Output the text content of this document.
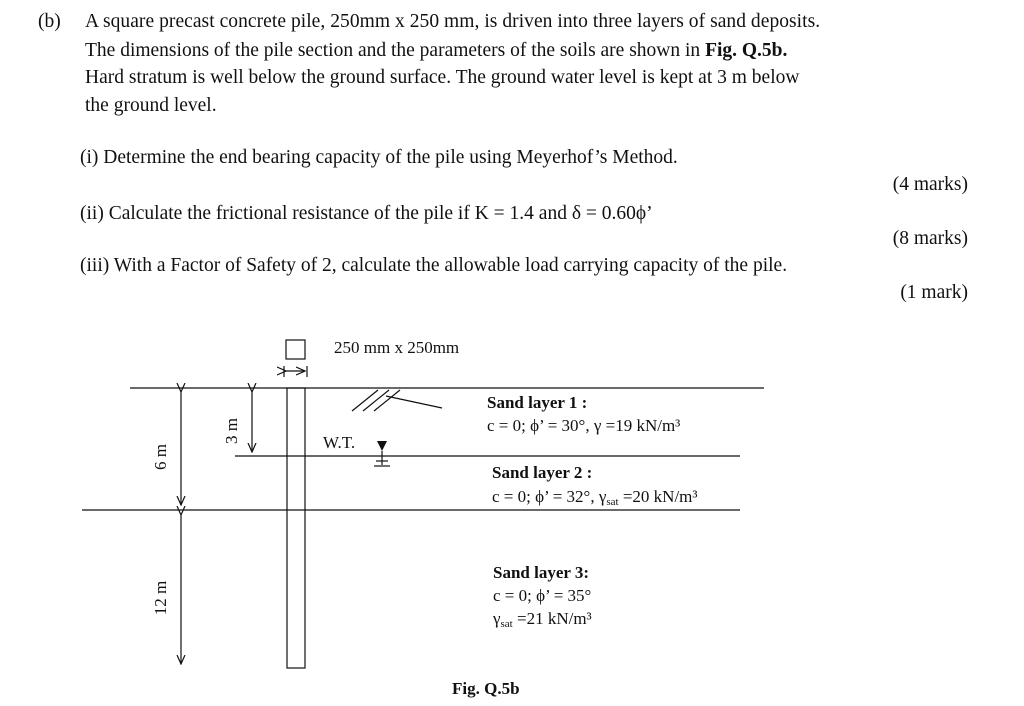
(b) A square precast concrete pile, 250mm x 250 mm, is driven into three layers of sand deposits.
The dimensions of the pile section and the parameters of the soils are shown in Fig. Q.5b.
Hard stratum is well below the ground surface. The ground water level is kept at 3 m below
the ground level.
(i) Determine the end bearing capacity of the pile using Meyerhof’s Method.
(4 marks)
(ii) Calculate the frictional resistance of the pile if K = 1.4 and δ = 0.60ϕ’
(8 marks)
(iii) With a Factor of Safety of 2, calculate the allowable load carrying capacity of the pile.
(1 mark)
250 mm x 250mm
6 m
12 m
3 m	W.T.
Sand layer 1 :
c = 0; ϕ’ = 30°, γ =19 kN/m³
Sand layer 2 :
c = 0; ϕ’ = 32°, γsat =20 kN/m³
Sand layer 3:
c = 0; ϕ’ = 35°
γsat =21 kN/m³
Fig. Q.5b
